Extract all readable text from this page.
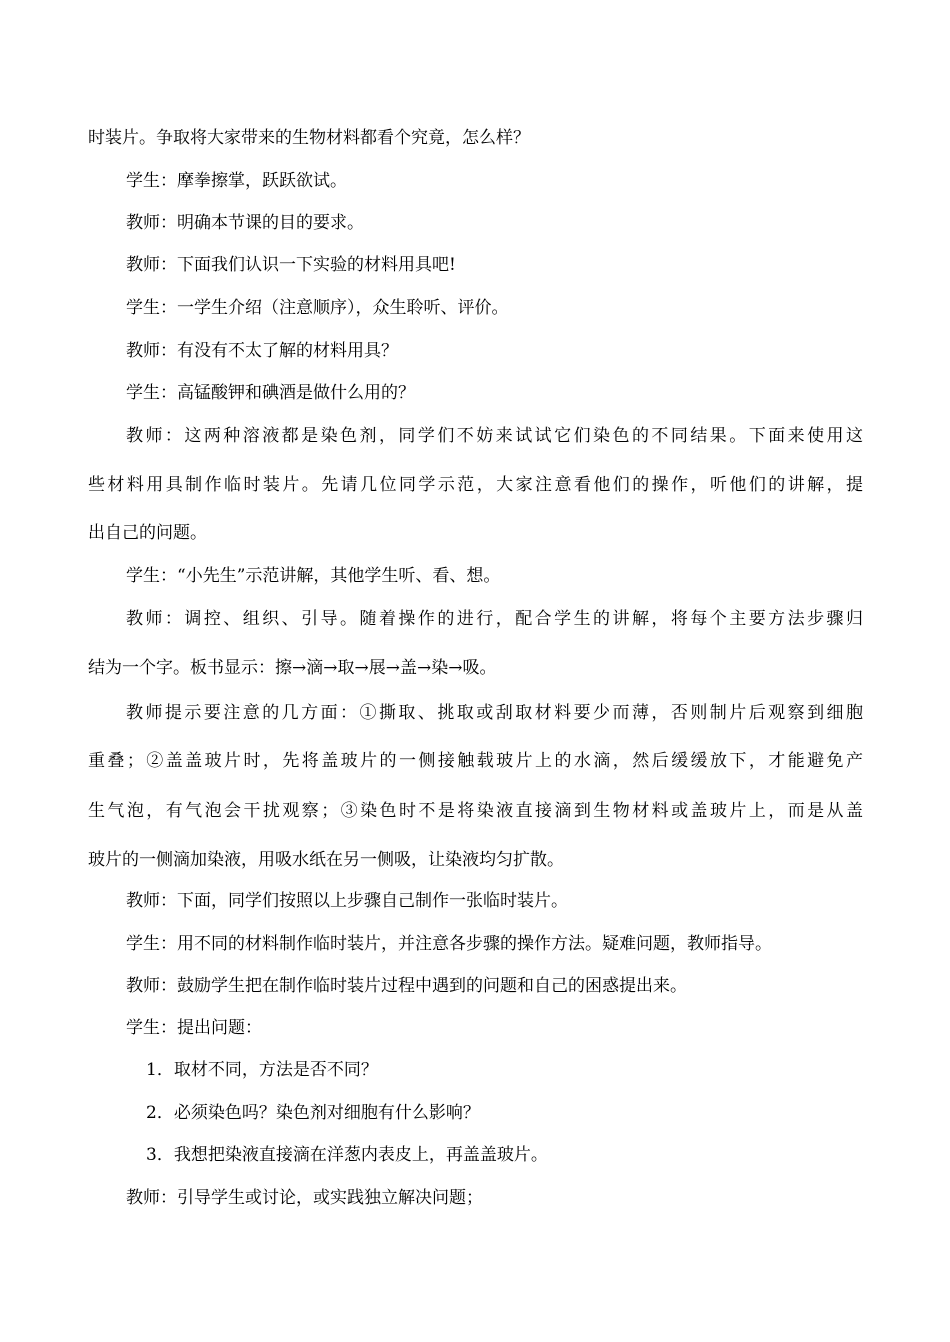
时装片。争取将大家带来的生物材料都看个究竟，怎么样？

学生：摩拳擦掌，跃跃欲试。

教师：明确本节课的目的要求。

教师：下面我们认识一下实验的材料用具吧!

学生：一学生介绍（注意顺序），众生聆听、评价。

教师：有没有不太了解的材料用具？

学生：高锰酸钾和碘酒是做什么用的？

教师：这两种溶液都是染色剂，同学们不妨来试试它们染色的不同结果。下面来使用这

些材料用具制作临时装片。先请几位同学示范，大家注意看他们的操作，听他们的讲解，提

出自己的问题。

学生：“小先生”示范讲解，其他学生听、看、想。

教师：调控、组织、引导。随着操作的进行，配合学生的讲解，将每个主要方法步骤归

结为一个字。板书显示：擦→滴→取→展→盖→染→吸。

教师提示要注意的几方面：①撕取、挑取或刮取材料要少而薄，否则制片后观察到细胞

重叠；②盖盖玻片时，先将盖玻片的一侧接触载玻片上的水滴，然后缓缓放下，才能避免产

生气泡，有气泡会干扰观察；③染色时不是将染液直接滴到生物材料或盖玻片上，而是从盖

玻片的一侧滴加染液，用吸水纸在另一侧吸，让染液均匀扩散。

教师：下面，同学们按照以上步骤自己制作一张临时装片。

学生：用不同的材料制作临时装片，并注意各步骤的操作方法。疑难问题，教师指导。

教师：鼓励学生把在制作临时装片过程中遇到的问题和自己的困惑提出来。

学生：提出问题：

1．取材不同，方法是否不同？

2．必须染色吗？染色剂对细胞有什么影响？

3．我想把染液直接滴在洋葱内表皮上，再盖盖玻片。

教师：引导学生或讨论，或实践独立解决问题；
